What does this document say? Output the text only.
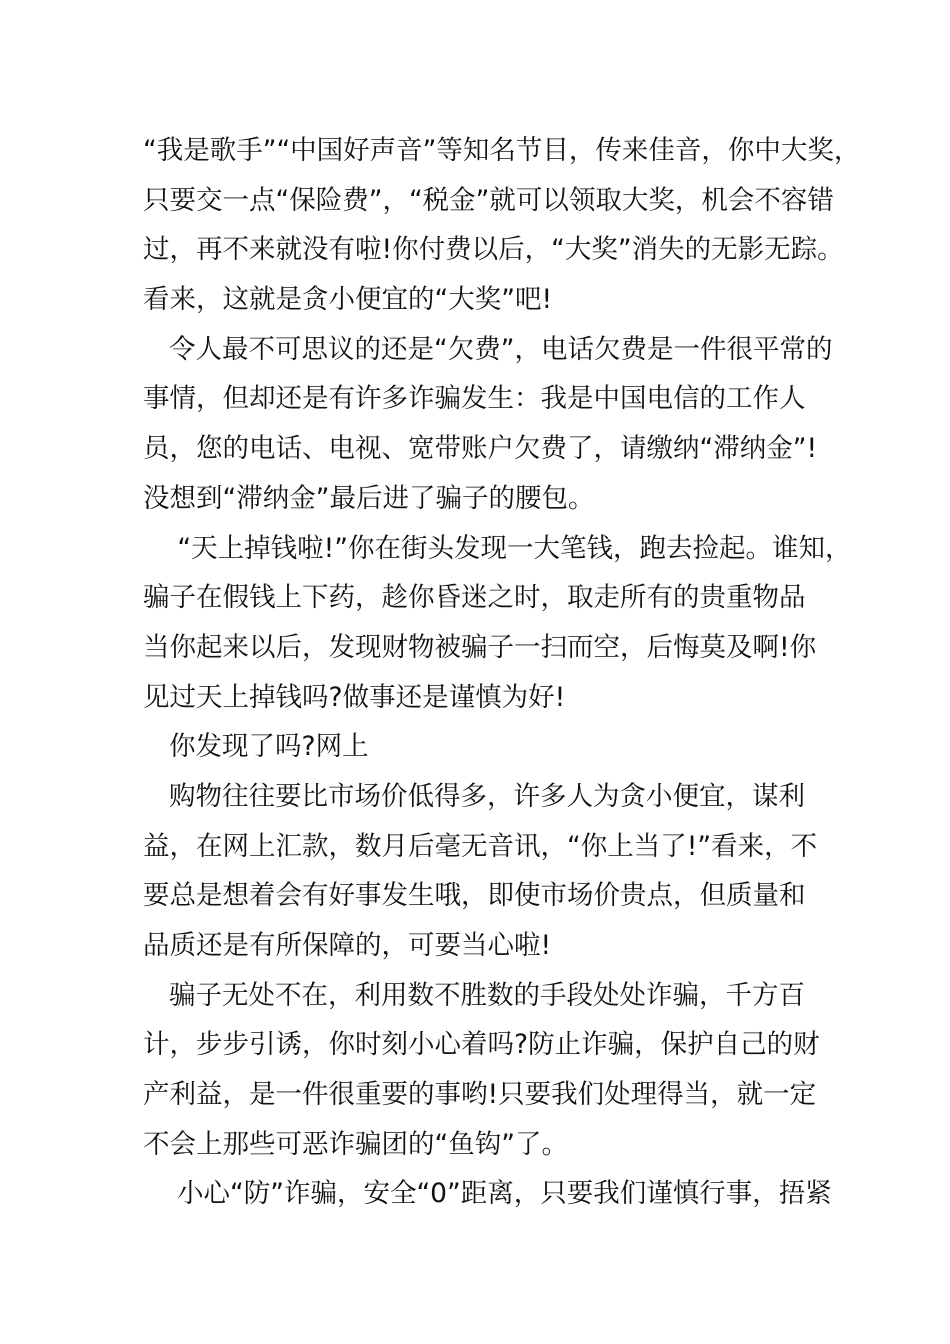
“我是歌手”“中国好声音”等知名节目，传来佳音，你中大奖，
只要交一点“保险费”，“税金”就可以领取大奖，机会不容错
过，再不来就没有啦!你付费以后，“大奖”消失的无影无踪。
看来，这就是贪小便宜的“大奖”吧!
令人最不可思议的还是“欠费”，电话欠费是一件很平常的
事情，但却还是有许多诈骗发生：我是中国电信的工作人
员，您的电话、电视、宽带账户欠费了，请缴纳“滞纳金”!
没想到“滞纳金”最后进了骗子的腰包。
“天上掉钱啦!”你在街头发现一大笔钱，跑去捡起。谁知，
骗子在假钱上下药，趁你昏迷之时，取走所有的贵重物品
当你起来以后，发现财物被骗子一扫而空，后悔莫及啊!你
见过天上掉钱吗?做事还是谨慎为好!
你发现了吗?网上
购物往往要比市场价低得多，许多人为贪小便宜，谋利
益，在网上汇款，数月后毫无音讯，“你上当了!”看来，不
要总是想着会有好事发生哦，即使市场价贵点，但质量和
品质还是有所保障的，可要当心啦!
骗子无处不在，利用数不胜数的手段处处诈骗，千方百
计，步步引诱，你时刻小心着吗?防止诈骗，保护自己的财
产利益，是一件很重要的事哟!只要我们处理得当，就一定
不会上那些可恶诈骗团的“鱼钩”了。
小心“防”诈骗，安全“0”距离，只要我们谨慎行事，捂紧
